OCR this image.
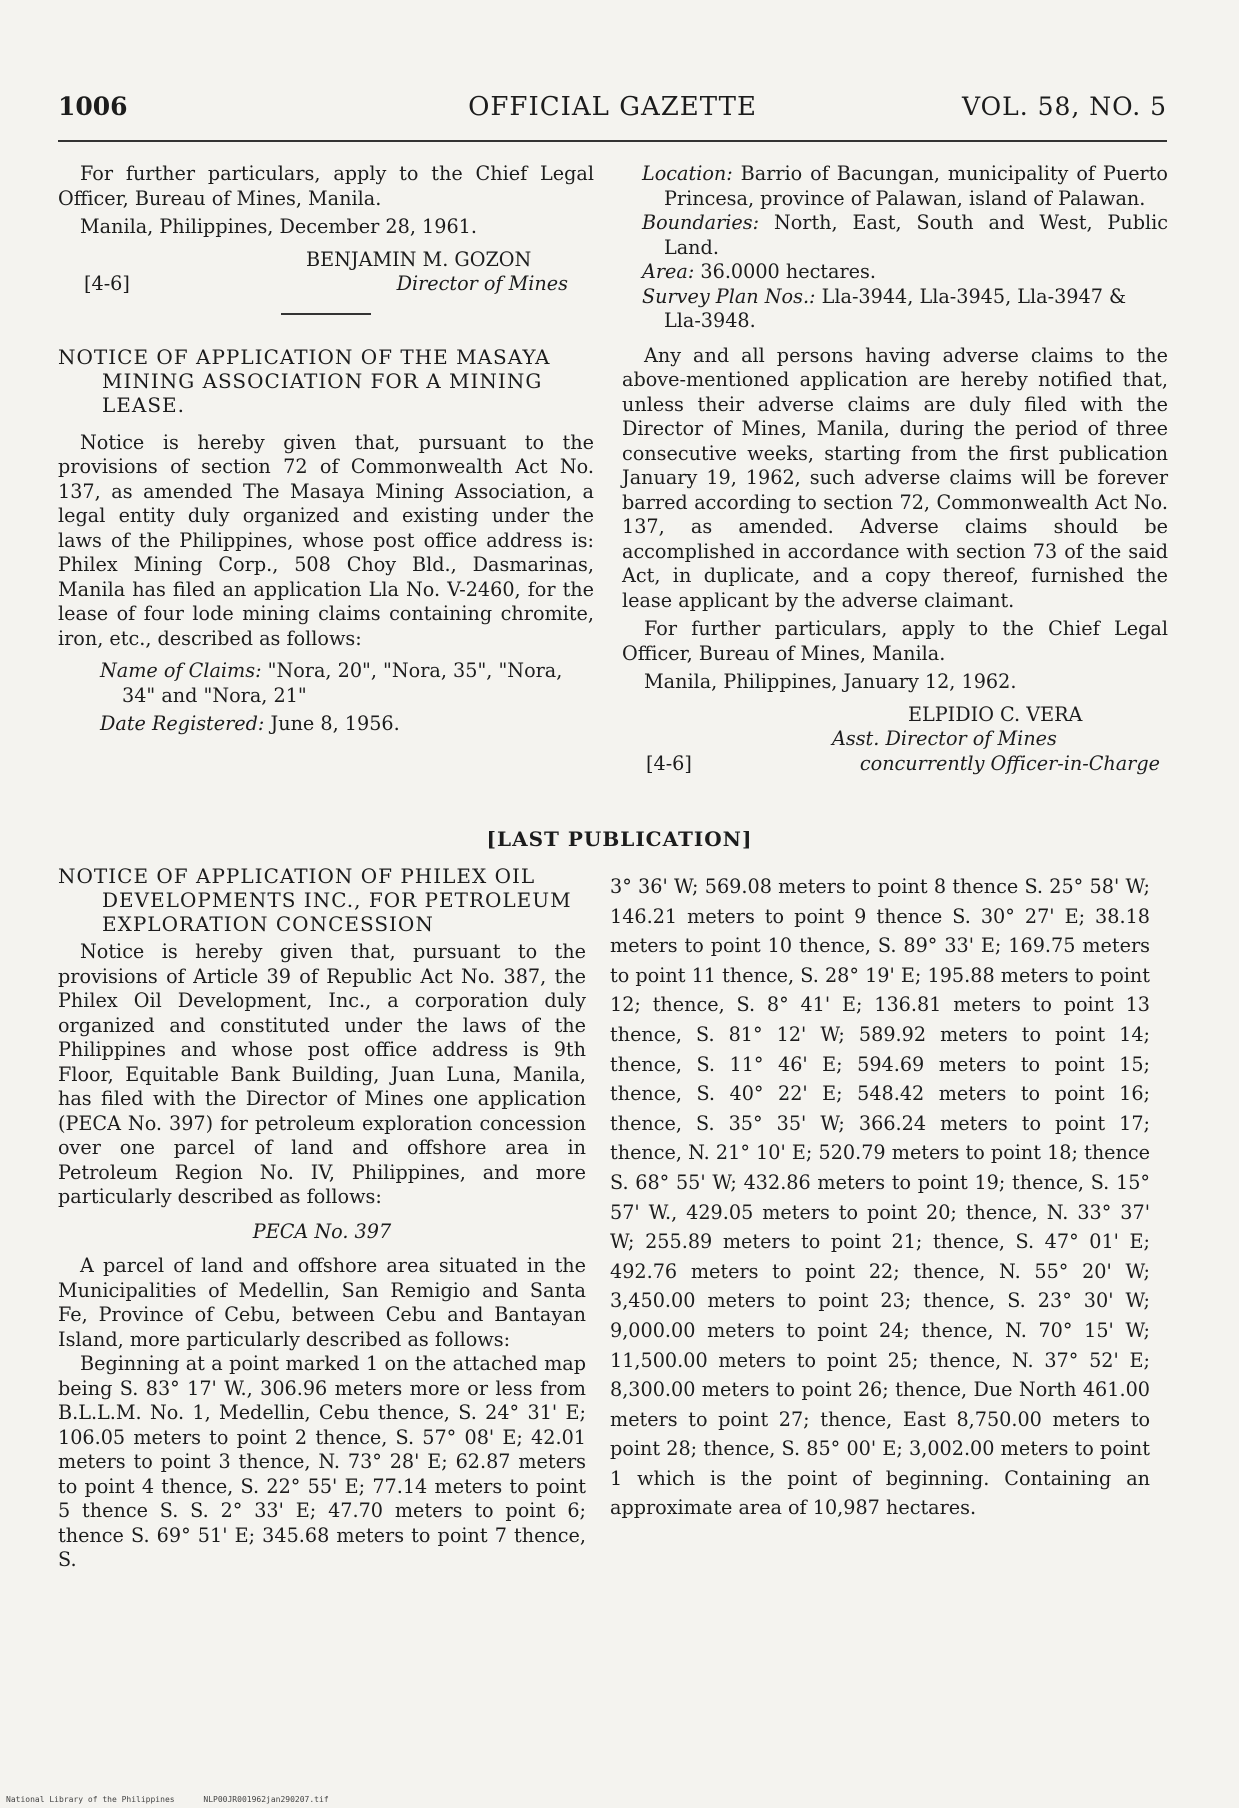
1006	OFFICIAL GAZETTE	VOL. 58, NO. 5

For further particulars, apply to the Chief Legal Officer, Bureau of Mines, Manila.

Manila, Philippines, December 28, 1961.

BENJAMIN M. GOZON

[4-6]	Director of Mines

NOTICE OF APPLICATION OF THE MASAYA MINING ASSOCIATION FOR A MINING LEASE.

Notice is hereby given that, pursuant to the provisions of section 72 of Commonwealth Act No. 137, as amended The Masaya Mining Association, a legal entity duly organized and existing under the laws of the Philippines, whose post office address is: Philex Mining Corp., 508 Choy Bld., Dasmarinas, Manila has filed an application Lla No. V-2460, for the lease of four lode mining claims containing chromite, iron, etc., described as follows:

Name of Claims: "Nora, 20", "Nora, 35", "Nora, 34" and "Nora, 21"

Date Registered: June 8, 1956.

Location: Barrio of Bacungan, municipality of Puerto Princesa, province of Palawan, island of Palawan.

Boundaries: North, East, South and West, Public Land.

Area: 36.0000 hectares.

Survey Plan Nos.: Lla-3944, Lla-3945, Lla-3947 & Lla-3948.

Any and all persons having adverse claims to the above-mentioned application are hereby notified that, unless their adverse claims are duly filed with the Director of Mines, Manila, during the period of three consecutive weeks, starting from the first publication January 19, 1962, such adverse claims will be forever barred according to section 72, Commonwealth Act No. 137, as amended. Adverse claims should be accomplished in accordance with section 73 of the said Act, in duplicate, and a copy thereof, furnished the lease applicant by the adverse claimant.

For further particulars, apply to the Chief Legal Officer, Bureau of Mines, Manila.

Manila, Philippines, January 12, 1962.

ELPIDIO C. VERA

Asst. Director of Mines

[4-6]	concurrently Officer-in-Charge
[LAST PUBLICATION]

NOTICE OF APPLICATION OF PHILEX OIL DEVELOPMENTS INC., FOR PETROLEUM EXPLORATION CONCESSION

Notice is hereby given that, pursuant to the provisions of Article 39 of Republic Act No. 387, the Philex Oil Development, Inc., a corporation duly organized and constituted under the laws of the Philippines and whose post office address is 9th Floor, Equitable Bank Building, Juan Luna, Manila, has filed with the Director of Mines one application (PECA No. 397) for petroleum exploration concession over one parcel of land and offshore area in Petroleum Region No. IV, Philippines, and more particularly described as follows:

PECA No. 397

A parcel of land and offshore area situated in the Municipalities of Medellin, San Remigio and Santa Fe, Province of Cebu, between Cebu and Bantayan Island, more particularly described as follows:

Beginning at a point marked 1 on the attached map being S. 83° 17' W., 306.96 meters more or less from B.L.L.M. No. 1, Medellin, Cebu thence, S. 24° 31' E; 106.05 meters to point 2 thence, S. 57° 08' E; 42.01 meters to point 3 thence, N. 73° 28' E; 62.87 meters to point 4 thence, S. 22° 55' E; 77.14 meters to point 5 thence S. S. 2° 33' E; 47.70 meters to point 6; thence S. 69° 51' E; 345.68 meters to point 7 thence, S.

3° 36' W; 569.08 meters to point 8 thence S. 25° 58' W; 146.21 meters to point 9 thence S. 30° 27' E; 38.18 meters to point 10 thence, S. 89° 33' E; 169.75 meters to point 11 thence, S. 28° 19' E; 195.88 meters to point 12; thence, S. 8° 41' E; 136.81 meters to point 13 thence, S. 81° 12' W; 589.92 meters to point 14; thence, S. 11° 46' E; 594.69 meters to point 15; thence, S. 40° 22' E; 548.42 meters to point 16; thence, S. 35° 35' W; 366.24 meters to point 17; thence, N. 21° 10' E; 520.79 meters to point 18; thence S. 68° 55' W; 432.86 meters to point 19; thence, S. 15° 57' W., 429.05 meters to point 20; thence, N. 33° 37' W; 255.89 meters to point 21; thence, S. 47° 01' E; 492.76 meters to point 22; thence, N. 55° 20' W; 3,450.00 meters to point 23; thence, S. 23° 30' W; 9,000.00 meters to point 24; thence, N. 70° 15' W; 11,500.00 meters to point 25; thence, N. 37° 52' E; 8,300.00 meters to point 26; thence, Due North 461.00 meters to point 27; thence, East 8,750.00 meters to point 28; thence, S. 85° 00' E; 3,002.00 meters to point 1 which is the point of beginning. Containing an approximate area of 10,987 hectares.

National Library of the Philippines	NLP00JR001962jan290207.tif
